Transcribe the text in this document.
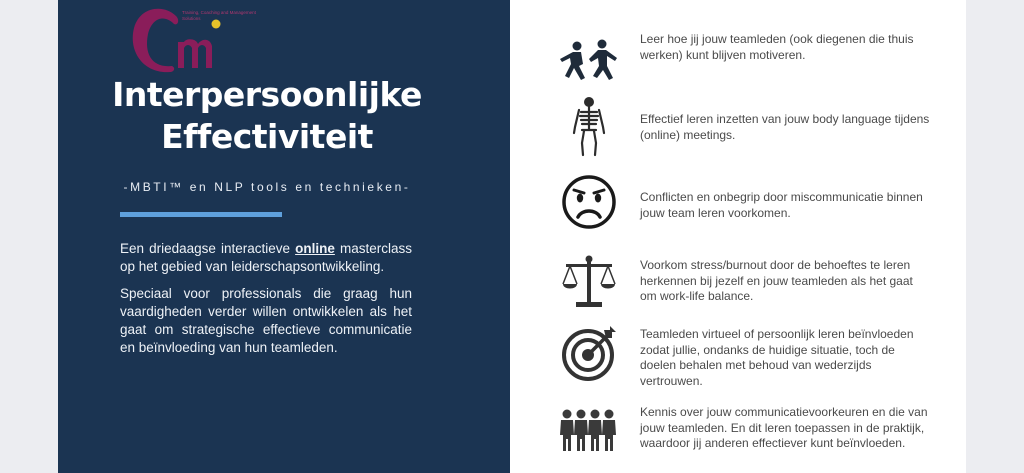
Training, Coaching and Management Solutions
Interpersoonlijke
Effectiviteit
-MBTI™ en NLP tools en technieken-

Een driedaagse interactieve online masterclass op het gebied van leiderschapsontwikkeling.

Speciaal voor professionals die graag hun vaardigheden verder willen ontwikkelen als het gaat om strategische effectieve communicatie en beïnvloeding van hun teamleden.

Leer hoe jij jouw teamleden (ook diegenen die thuis werken) kunt blijven motiveren.
Effectief leren inzetten van jouw body language tijdens (online) meetings.
Conflicten en onbegrip door miscommunicatie binnen jouw team leren voorkomen.
Voorkom stress/burnout door de behoeftes te leren herkennen bij jezelf en jouw teamleden als het gaat om work-life balance.
Teamleden virtueel of persoonlijk leren beïnvloeden zodat jullie, ondanks de huidige situatie, toch de doelen behalen met behoud van wederzijds vertrouwen.
Kennis over jouw communicatievoorkeuren en die van jouw teamleden. En dit leren toepassen in de praktijk, waardoor jij anderen effectiever kunt beïnvloeden.
